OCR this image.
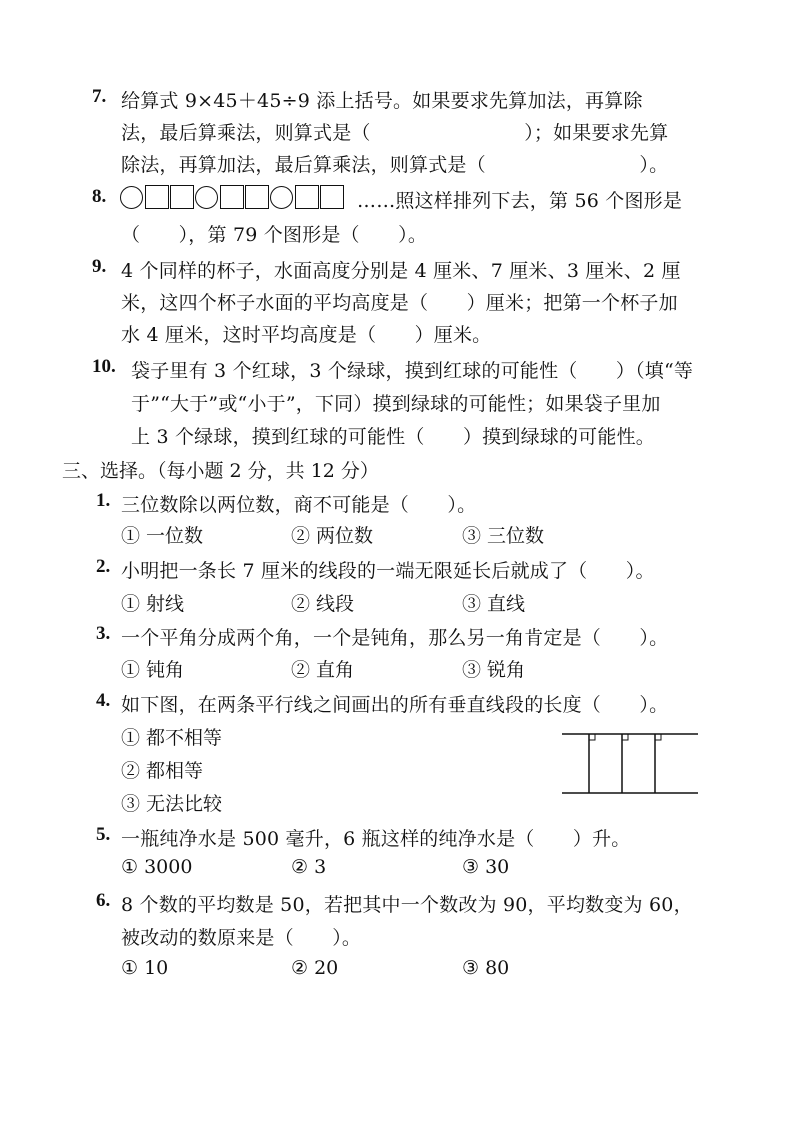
7. 给算式 9×45＋45÷9 添上括号。如果要求先算加法，再算除
法，最后算乘法，则算式是（　　　　　　　　）；如果要求先算
除法，再算加法，最后算乘法，则算式是（　　　　　　　　）。
8.	……照这样排列下去，第 56 个图形是
（　　），第 79 个图形是（　　）。
9. 4 个同样的杯子，水面高度分别是 4 厘米、7 厘米、3 厘米、2 厘
米，这四个杯子水面的平均高度是（　　）厘米；把第一个杯子加
水 4 厘米，这时平均高度是（　　）厘米。
10. 袋子里有 3 个红球，3 个绿球，摸到红球的可能性（　　）（填“等
于”“大于”或“小于”，下同）摸到绿球的可能性；如果袋子里加
上 3 个绿球，摸到红球的可能性（　　）摸到绿球的可能性。
三、选择。（每小题 2 分，共 12 分）
1. 三位数除以两位数，商不可能是（　　）。
① 一位数	② 两位数	③ 三位数
2. 小明把一条长 7 厘米的线段的一端无限延长后就成了（　　）。
① 射线	② 线段	③ 直线
3. 一个平角分成两个角，一个是钝角，那么另一角肯定是（　　）。
① 钝角	② 直角	③ 锐角
4. 如下图，在两条平行线之间画出的所有垂直线段的长度（　　）。
① 都不相等
② 都相等
③ 无法比较
5. 一瓶纯净水是 500 毫升，6 瓶这样的纯净水是（　　）升。
① 3000	② 3	③ 30
6. 8 个数的平均数是 50，若把其中一个数改为 90，平均数变为 60，
被改动的数原来是（　　）。
① 10	② 20	③ 80
